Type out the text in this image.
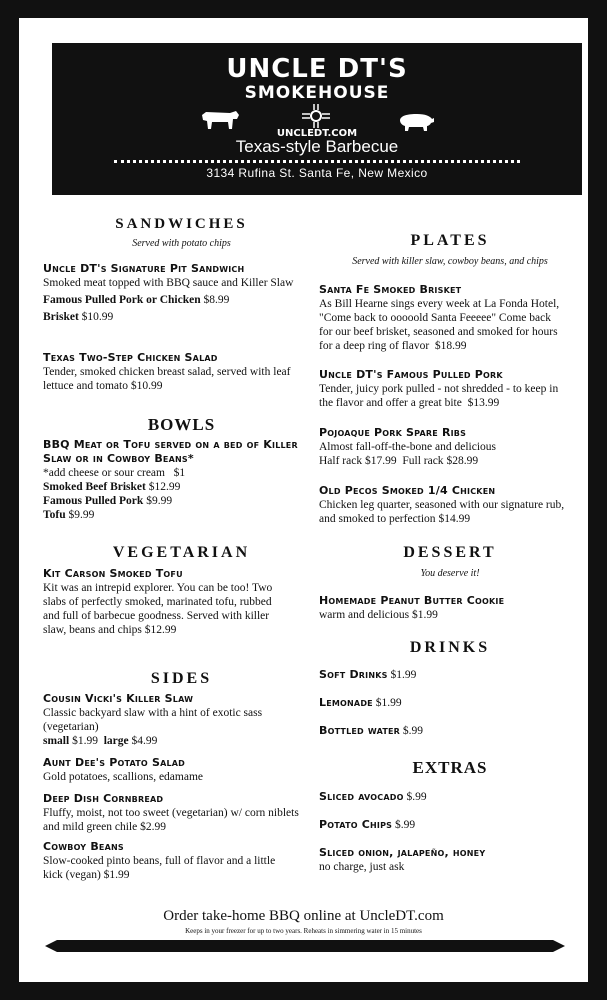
UNCLE DT'S
SMOKEHOUSE
UNCLEDT.COM
Texas-style Barbecue
3134 Rufina St. Santa Fe, New Mexico
SANDWICHES
Served with potato chips
Uncle DT's Signature Pit Sandwich
Smoked meat topped with BBQ sauce and Killer Slaw
Famous Pulled Pork or Chicken $8.99
Brisket $10.99
Texas Two-Step Chicken Salad
Tender, smoked chicken breast salad, served with leaf lettuce and tomato $10.99
BOWLS
BBQ Meat or Tofu served on a bed of Killer Slaw or in Cowboy Beans*
*add cheese or sour cream $1
Smoked Beef Brisket $12.99
Famous Pulled Pork $9.99
Tofu $9.99
VEGETARIAN
Kit Carson Smoked Tofu
Kit was an intrepid explorer. You can be too! Two slabs of perfectly smoked, marinated tofu, rubbed and full of barbecue goodness. Served with killer slaw, beans and chips $12.99
SIDES
Cousin Vicki's Killer Slaw
Classic backyard slaw with a hint of exotic sass (vegetarian)
small $1.99 large $4.99
Aunt Dee's Potato Salad
Gold potatoes, scallions, edamame
Deep Dish Cornbread
Fluffy, moist, not too sweet (vegetarian) w/ corn niblets and mild green chile $2.99
Cowboy Beans
Slow-cooked pinto beans, full of flavor and a little kick (vegan) $1.99
PLATES
Served with killer slaw, cowboy beans, and chips
Santa Fe Smoked Brisket
As Bill Hearne sings every week at La Fonda Hotel, "Come back to ooooold Santa Feeeee" Come back for our beef brisket, seasoned and smoked for hours for a deep ring of flavor $18.99
Uncle DT's Famous Pulled Pork
Tender, juicy pork pulled - not shredded - to keep in the flavor and offer a great bite $13.99
Pojoaque Pork Spare Ribs
Almost fall-off-the-bone and delicious
Half rack $17.99 Full rack $28.99
Old Pecos Smoked 1/4 Chicken
Chicken leg quarter, seasoned with our signature rub, and smoked to perfection $14.99
DESSERT
You deserve it!
Homemade Peanut Butter Cookie
warm and delicious $1.99
DRINKS
Soft Drinks $1.99
Lemonade $1.99
Bottled water $.99
EXTRAS
Sliced avocado $.99
Potato Chips $.99
Sliced onion, jalapeño, honey
no charge, just ask
Order take-home BBQ online at UncleDT.com
Keeps in your freezer for up to two years. Reheats in simmering water in 15 minutes
